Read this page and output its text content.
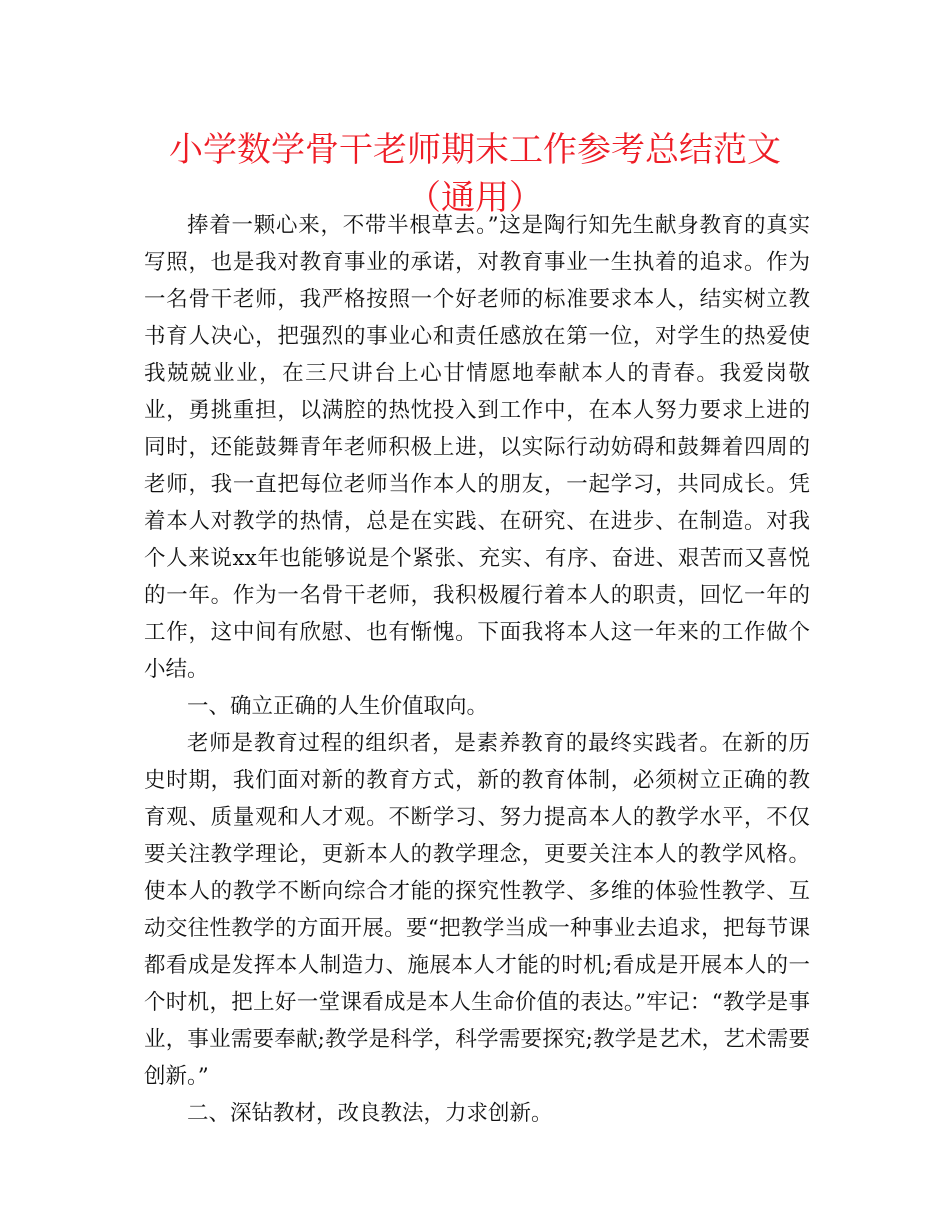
小学数学骨干老师期末工作参考总结范文（通用）

捧着一颗心来，不带半根草去。”这是陶行知先生献身教育的真实写照，也是我对教育事业的承诺，对教育事业一生执着的追求。作为一名骨干老师，我严格按照一个好老师的标准要求本人，结实树立教书育人决心，把强烈的事业心和责任感放在第一位，对学生的热爱使我兢兢业业，在三尺讲台上心甘情愿地奉献本人的青春。我爱岗敬业，勇挑重担，以满腔的热忱投入到工作中，在本人努力要求上进的同时，还能鼓舞青年老师积极上进，以实际行动妨碍和鼓舞着四周的老师，我一直把每位老师当作本人的朋友，一起学习，共同成长。凭着本人对教学的热情，总是在实践、在研究、在进步、在制造。对我个人来说xx年也能够说是个紧张、充实、有序、奋进、艰苦而又喜悦的一年。作为一名骨干老师，我积极履行着本人的职责，回忆一年的工作，这中间有欣慰、也有惭愧。下面我将本人这一年来的工作做个小结。

一、确立正确的人生价值取向。

老师是教育过程的组织者，是素养教育的最终实践者。在新的历史时期，我们面对新的教育方式，新的教育体制，必须树立正确的教育观、质量观和人才观。不断学习、努力提高本人的教学水平，不仅要关注教学理论，更新本人的教学理念，更要关注本人的教学风格。使本人的教学不断向综合才能的探究性教学、多维的体验性教学、互动交往性教学的方面开展。要“把教学当成一种事业去追求，把每节课都看成是发挥本人制造力、施展本人才能的时机;看成是开展本人的一个时机，把上好一堂课看成是本人生命价值的表达。”牢记：“教学是事业，事业需要奉献;教学是科学，科学需要探究;教学是艺术，艺术需要创新。”

二、深钻教材，改良教法，力求创新。
